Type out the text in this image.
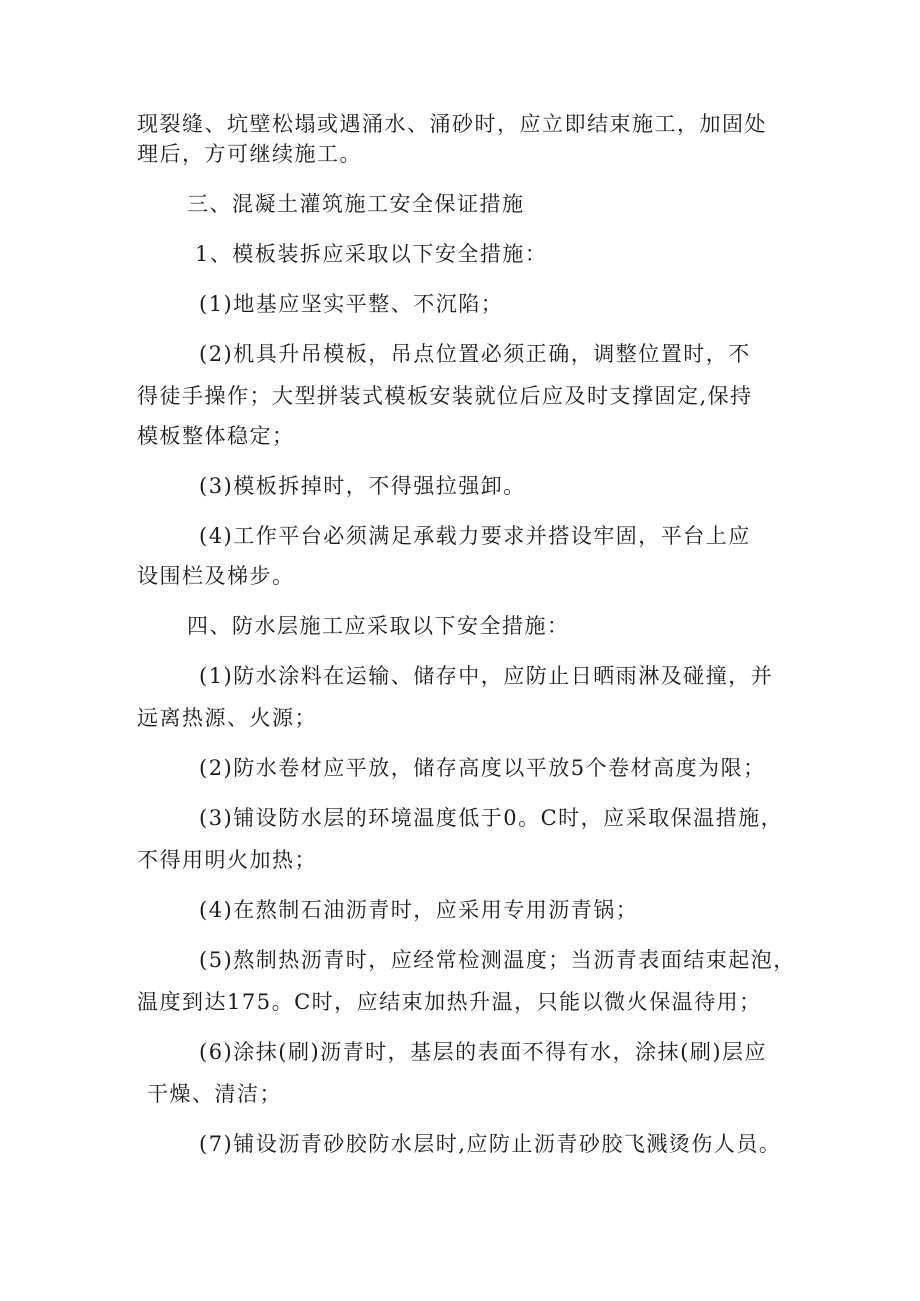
现裂缝、坑壁松塌或遇涌水、涌砂时，应立即结束施工，加固处
理后，方可继续施工。
三、混凝土灌筑施工安全保证措施
1、模板装拆应采取以下安全措施：
(1)地基应坚实平整、不沉陷；
(2)机具升吊模板，吊点位置必须正确，调整位置时，不
得徒手操作；大型拼装式模板安装就位后应及时支撑固定,保持
模板整体稳定；
(3)模板拆掉时，不得强拉强卸。
(4)工作平台必须满足承载力要求并搭设牢固，平台上应
设围栏及梯步。
四、防水层施工应采取以下安全措施：
(1)防水涂料在运输、储存中，应防止日晒雨淋及碰撞，并
远离热源、火源；
(2)防水卷材应平放，储存高度以平放5个卷材高度为限；
(3)铺设防水层的环境温度低于0。C时，应采取保温措施，
不得用明火加热；
(4)在熬制石油沥青时，应采用专用沥青锅；
(5)熬制热沥青时，应经常检测温度；当沥青表面结束起泡，
温度到达175。C时，应结束加热升温，只能以微火保温待用；
(6)涂抹(刷)沥青时，基层的表面不得有水，涂抹(刷)层应
干燥、清洁；
(7)铺设沥青砂胶防水层时,应防止沥青砂胶飞溅烫伤人员。
